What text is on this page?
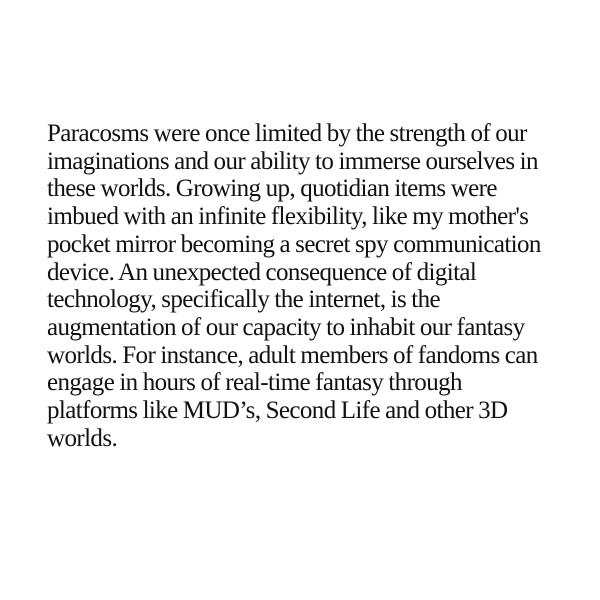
Paracosms were once limited by the strength of our
imaginations and our ability to immerse ourselves in
these worlds. Growing up, quotidian items were
imbued with an infinite flexibility, like my mother's
pocket mirror becoming a secret spy communication
device. An unexpected consequence of digital
technology, specifically the internet, is the
augmentation of our capacity to inhabit our fantasy
worlds. For instance, adult members of fandoms can
engage in hours of real-time fantasy through
platforms like MUD’s, Second Life and other 3D
worlds.
